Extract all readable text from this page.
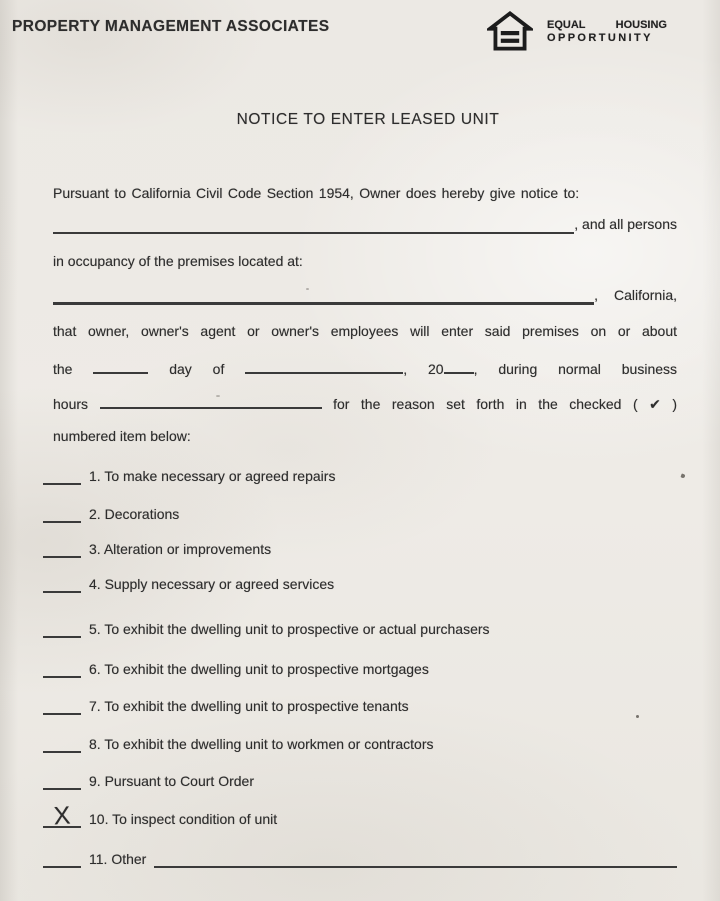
PROPERTY MANAGEMENT ASSOCIATES	EQUAL	HOUSING
OPPORTUNITY
NOTICE TO ENTER LEASED UNIT
Pursuant to California Civil Code Section 1954, Owner does hereby give notice to:
, and all persons
in occupancy of the premises located at:
, California,
that owner, owner's agent or owner's employees will enter said premises on or about
the	day of	, 20 , during normal business
hours	for the reason set forth in the checked ( ✔ )
numbered item below:
1. To make necessary or agreed repairs
2. Decorations
3. Alteration or improvements
4. Supply necessary or agreed services
5. To exhibit the dwelling unit to prospective or actual purchasers
6. To exhibit the dwelling unit to prospective mortgages
7. To exhibit the dwelling unit to prospective tenants
8. To exhibit the dwelling unit to workmen or contractors
9. Pursuant to Court Order
X	10. To inspect condition of unit
11. Other
